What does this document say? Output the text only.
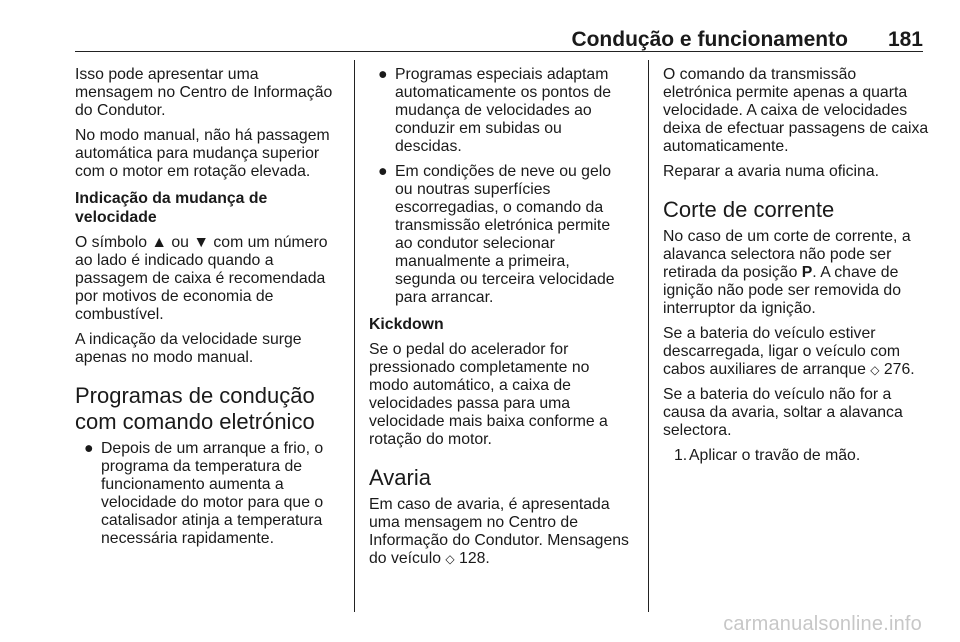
Condução e funcionamento 181

Isso pode apresentar uma
mensagem no Centro de Informação
do Condutor.

No modo manual, não há passagem
automática para mudança superior
com o motor em rotação elevada.

Indicação da mudança de
velocidade

O símbolo ▲ ou ▼ com um número
ao lado é indicado quando a
passagem de caixa é recomendada
por motivos de economia de
combustível.

A indicação da velocidade surge
apenas no modo manual.

Programas de condução
com comando eletrónico
● Depois de um arranque a frio, o
programa da temperatura de
funcionamento aumenta a
velocidade do motor para que o
catalisador atinja a temperatura
necessária rapidamente.
● Programas especiais adaptam
automaticamente os pontos de
mudança de velocidades ao
conduzir em subidas ou
descidas.
● Em condições de neve ou gelo
ou noutras superfícies
escorregadias, o comando da
transmissão eletrónica permite
ao condutor selecionar
manualmente a primeira,
segunda ou terceira velocidade
para arrancar.
Kickdown

Se o pedal do acelerador for
pressionado completamente no
modo automático, a caixa de
velocidades passa para uma
velocidade mais baixa conforme a
rotação do motor.

Avaria

Em caso de avaria, é apresentada
uma mensagem no Centro de
Informação do Condutor. Mensagens
do veículo ◇ 128.

O comando da transmissão
eletrónica permite apenas a quarta
velocidade. A caixa de velocidades
deixa de efectuar passagens de caixa
automaticamente.

Reparar a avaria numa oficina.

Corte de corrente

No caso de um corte de corrente, a
alavanca selectora não pode ser
retirada da posição P. A chave de
ignição não pode ser removida do
interruptor da ignição.

Se a bateria do veículo estiver
descarregada, ligar o veículo com
cabos auxiliares de arranque ◇ 276.

Se a bateria do veículo não for a
causa da avaria, soltar a alavanca
selectora.

1. Aplicar o travão de mão.
carmanualsonline.info
